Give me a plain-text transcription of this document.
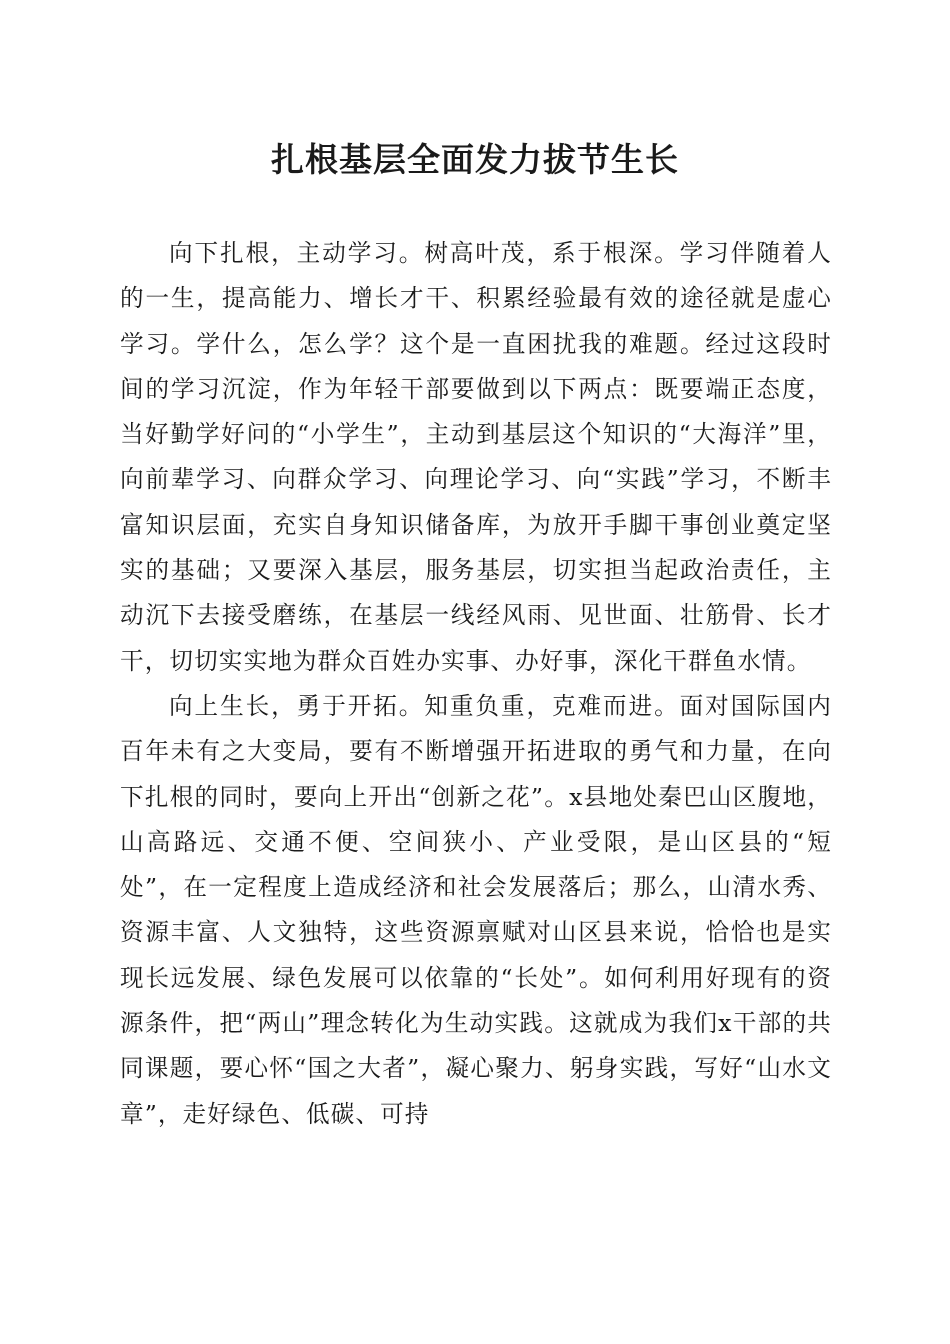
扎根基层全面发力拔节生长

向下扎根，主动学习。树高叶茂，系于根深。学习伴随着人的一生，提高能力、增长才干、积累经验最有效的途径就是虚心学习。学什么，怎么学？这个是一直困扰我的难题。经过这段时间的学习沉淀，作为年轻干部要做到以下两点：既要端正态度，当好勤学好问的“小学生”，主动到基层这个知识的“大海洋”里，向前辈学习、向群众学习、向理论学习、向“实践”学习，不断丰富知识层面，充实自身知识储备库，为放开手脚干事创业奠定坚实的基础；又要深入基层，服务基层，切实担当起政治责任，主动沉下去接受磨练，在基层一线经风雨、见世面、壮筋骨、长才干，切切实实地为群众百姓办实事、办好事，深化干群鱼水情。

向上生长，勇于开拓。知重负重，克难而进。面对国际国内百年未有之大变局，要有不断增强开拓进取的勇气和力量，在向下扎根的同时，要向上开出“创新之花”。x县地处秦巴山区腹地，山高路远、交通不便、空间狭小、产业受限，是山区县的“短处”，在一定程度上造成经济和社会发展落后；那么，山清水秀、资源丰富、人文独特，这些资源禀赋对山区县来说，恰恰也是实现长远发展、绿色发展可以依靠的“长处”。如何利用好现有的资源条件，把“两山”理念转化为生动实践。这就成为我们x干部的共同课题，要心怀“国之大者”，凝心聚力、躬身实践，写好“山水文章”，走好绿色、低碳、可持
